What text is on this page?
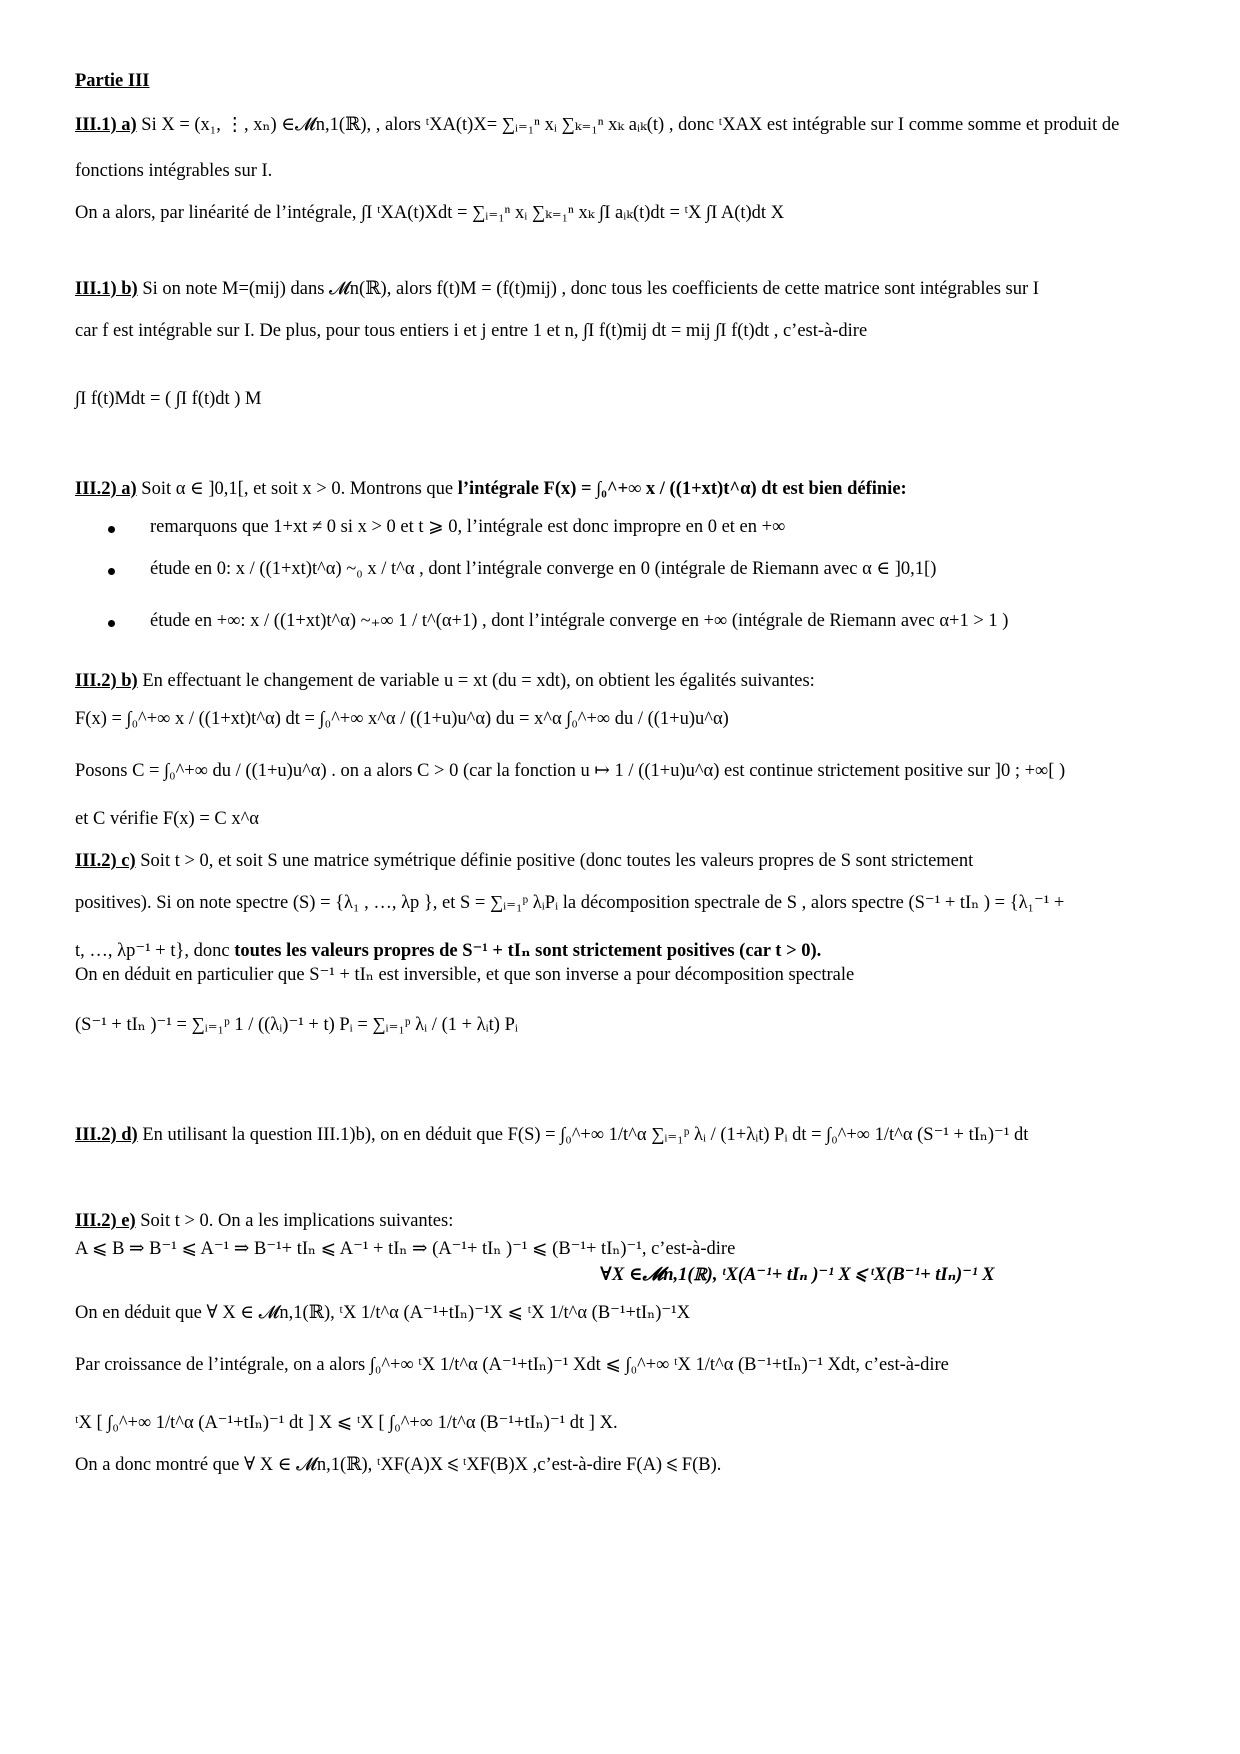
Partie III
III.1) a) Si X = (x₁, ⋮, xₙ) ∈𝓜n,1(ℝ), , alors ᵗXA(t)X= ∑ᵢ₌₁ⁿ xᵢ ∑ₖ₌₁ⁿ xₖ aᵢₖ(t) , donc ᵗXAX est intégrable sur I comme somme et produit de
fonctions intégrables sur I.
On a alors, par linéarité de l’intégrale, ∫I ᵗXA(t)Xdt = ∑ᵢ₌₁ⁿ xᵢ ∑ₖ₌₁ⁿ xₖ ∫I aᵢₖ(t)dt = ᵗX ∫I A(t)dt X
III.1) b) Si on note M=(mij) dans 𝓜n(ℝ), alors f(t)M = (f(t)mij) , donc tous les coefficients de cette matrice sont intégrables sur I
car f est intégrable sur I. De plus, pour tous entiers i et j entre 1 et n, ∫I f(t)mij dt = mij ∫I f(t)dt , c’est-à-dire
∫I f(t)Mdt = ( ∫I f(t)dt ) M
III.2) a) Soit α ∈ ]0,1[, et soit x > 0. Montrons que l’intégrale F(x) = ∫₀^+∞ x / ((1+xt)t^α) dt est bien définie:
remarquons que 1+xt ≠ 0 si x > 0 et t ⩾ 0, l’intégrale est donc impropre en 0 et en +∞
étude en 0: x / ((1+xt)t^α) ~₀ x / t^α , dont l’intégrale converge en 0 (intégrale de Riemann avec α ∈ ]0,1[)
étude en +∞: x / ((1+xt)t^α) ~₊∞ 1 / t^(α+1) , dont l’intégrale converge en +∞ (intégrale de Riemann avec α+1 > 1 )
III.2) b) En effectuant le changement de variable u = xt (du = xdt), on obtient les égalités suivantes:
F(x) = ∫₀^+∞ x / ((1+xt)t^α) dt = ∫₀^+∞ x^α / ((1+u)u^α) du = x^α ∫₀^+∞ du / ((1+u)u^α)
Posons C = ∫₀^+∞ du / ((1+u)u^α) . on a alors C > 0 (car la fonction u ↦ 1 / ((1+u)u^α) est continue strictement positive sur ]0 ; +∞[ )
et C vérifie F(x) = C x^α
III.2) c) Soit t > 0, et soit S une matrice symétrique définie positive (donc toutes les valeurs propres de S sont strictement
positives). Si on note spectre (S) = {λ₁ , …, λp }, et S = ∑ᵢ₌₁ᵖ λᵢPᵢ la décomposition spectrale de S , alors spectre (S⁻¹ + tIₙ ) = {λ₁⁻¹ +
t, …, λp⁻¹ + t}, donc toutes les valeurs propres de S⁻¹ + tIₙ sont strictement positives (car t > 0).
On en déduit en particulier que S⁻¹ + tIₙ est inversible, et que son inverse a pour décomposition spectrale
(S⁻¹ + tIₙ )⁻¹ = ∑ᵢ₌₁ᵖ 1 / ((λᵢ)⁻¹ + t) Pᵢ = ∑ᵢ₌₁ᵖ λᵢ / (1 + λᵢt) Pᵢ
III.2) d) En utilisant la question III.1)b), on en déduit que F(S) = ∫₀^+∞ 1/t^α ∑ᵢ₌₁ᵖ λᵢ / (1+λᵢt) Pᵢ dt = ∫₀^+∞ 1/t^α (S⁻¹ + tIₙ)⁻¹ dt
III.2) e) Soit t > 0. On a les implications suivantes:
A ⩽ B ⇒ B⁻¹ ⩽ A⁻¹ ⇒ B⁻¹+ tIₙ ⩽ A⁻¹ + tIₙ ⇒ (A⁻¹+ tIₙ )⁻¹ ⩽ (B⁻¹+ tIₙ)⁻¹, c’est-à-dire
∀X ∈𝓜n,1(ℝ), ᵗX(A⁻¹+ tIₙ )⁻¹ X ⩽ ᵗX(B⁻¹+ tIₙ)⁻¹ X
On en déduit que ∀ X ∈ 𝓜n,1(ℝ), ᵗX 1/t^α (A⁻¹+tIₙ)⁻¹X ⩽ ᵗX 1/t^α (B⁻¹+tIₙ)⁻¹X
Par croissance de l’intégrale, on a alors ∫₀^+∞ ᵗX 1/t^α (A⁻¹+tIₙ)⁻¹ Xdt ⩽ ∫₀^+∞ ᵗX 1/t^α (B⁻¹+tIₙ)⁻¹ Xdt, c’est-à-dire
ᵗX [ ∫₀^+∞ 1/t^α (A⁻¹+tIₙ)⁻¹ dt ] X ⩽ ᵗX [ ∫₀^+∞ 1/t^α (B⁻¹+tIₙ)⁻¹ dt ] X.
On a donc montré que ∀ X ∈ 𝓜n,1(ℝ), ᵗXF(A)X ⩽ ᵗXF(B)X ,c’est-à-dire F(A) ⩽ F(B).
